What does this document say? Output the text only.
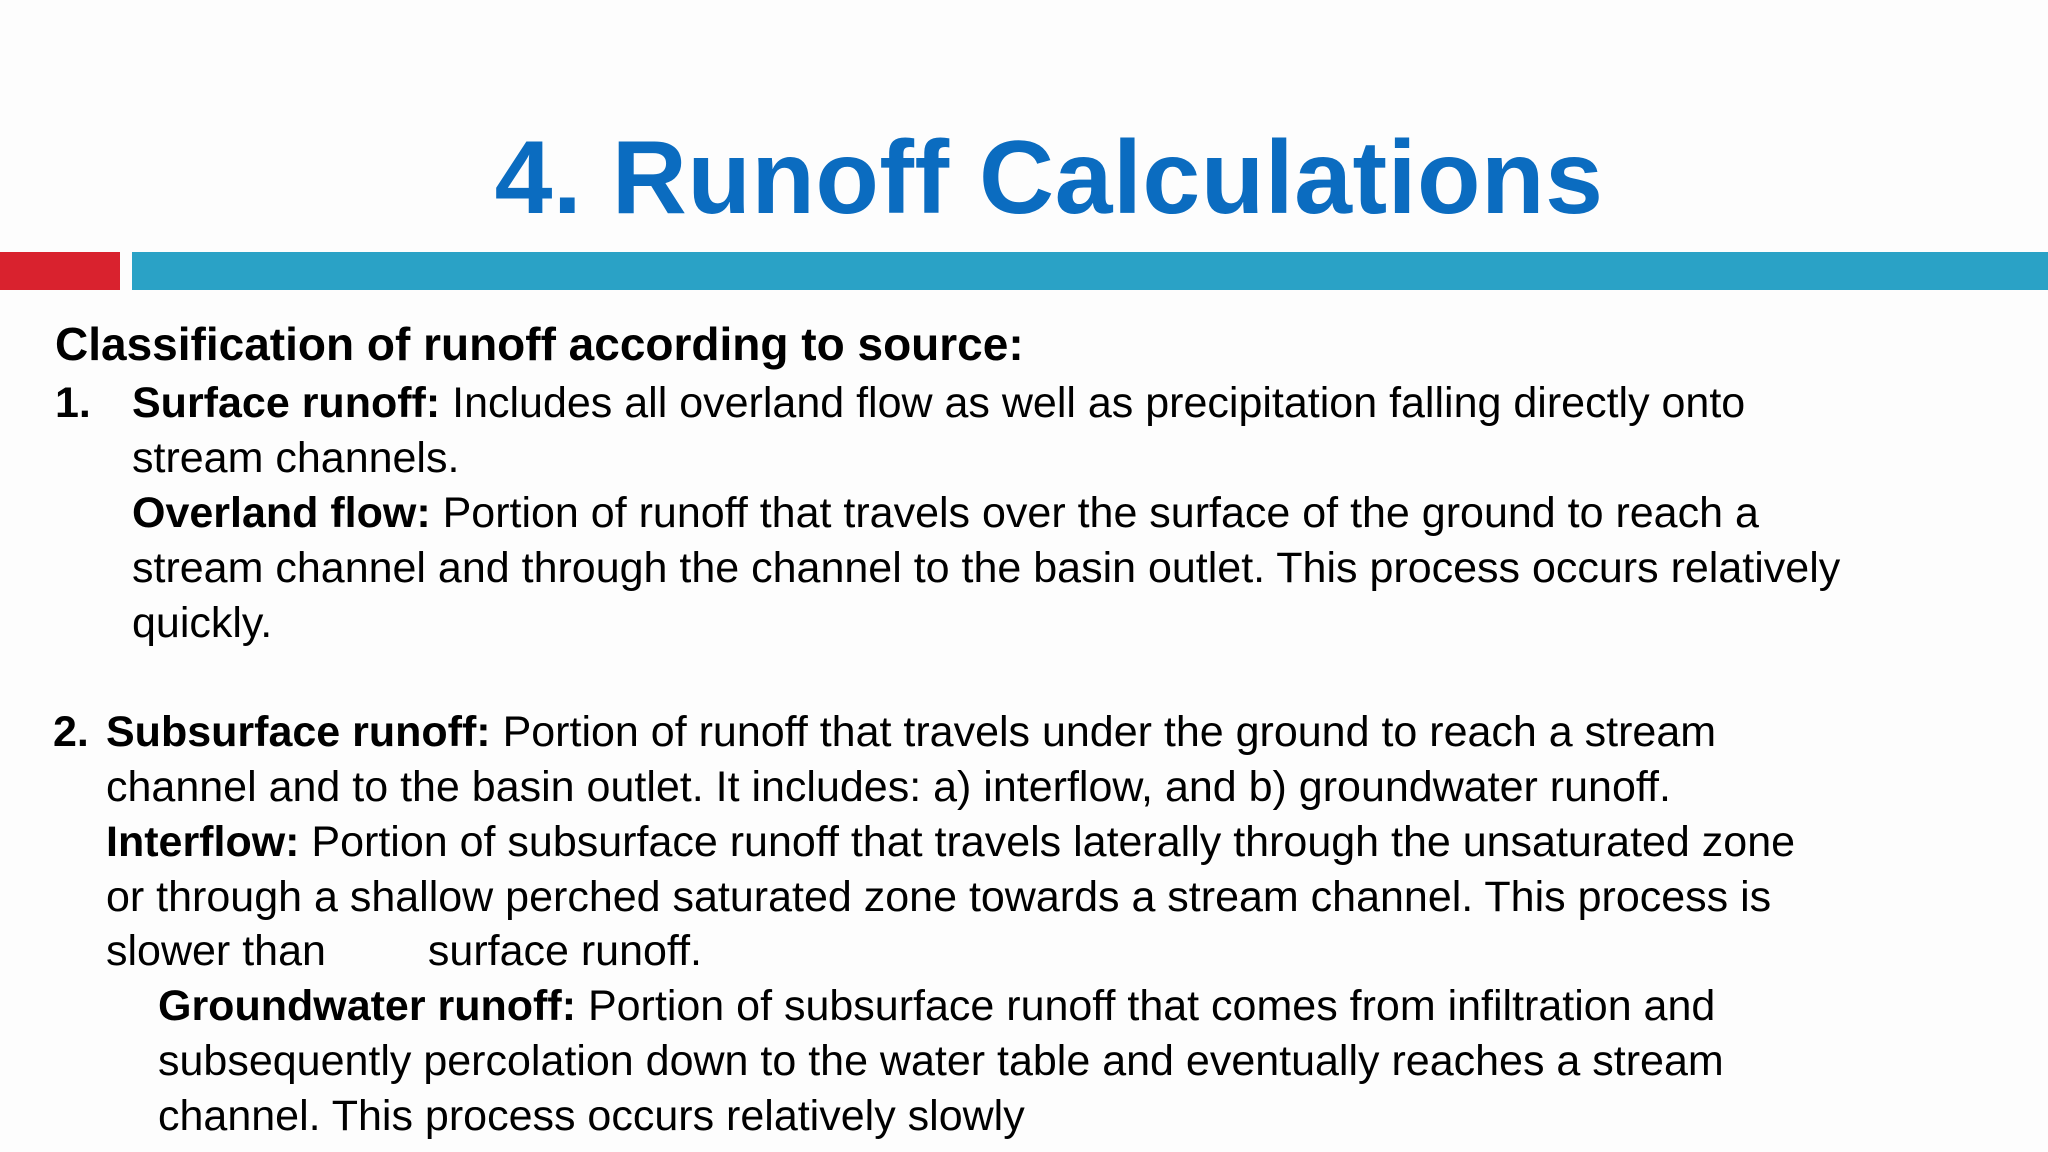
4. Runoff Calculations
Classification of runoff according to source:
1. Surface runoff: Includes all overland flow as well as precipitation falling directly onto
stream channels.
Overland flow: Portion of runoff that travels over the surface of the ground to reach a
stream channel and through the channel to the basin outlet. This process occurs relatively
quickly.
2. Subsurface runoff: Portion of runoff that travels under the ground to reach a stream
channel and to the basin outlet. It includes: a) interflow, and b) groundwater runoff.
Interflow: Portion of subsurface runoff that travels laterally through the unsaturated zone
or through a shallow perched saturated zone towards a stream channel. This process is
slower than surface runoff.
Groundwater runoff: Portion of subsurface runoff that comes from infiltration and
subsequently percolation down to the water table and eventually reaches a stream
channel. This process occurs relatively slowly
